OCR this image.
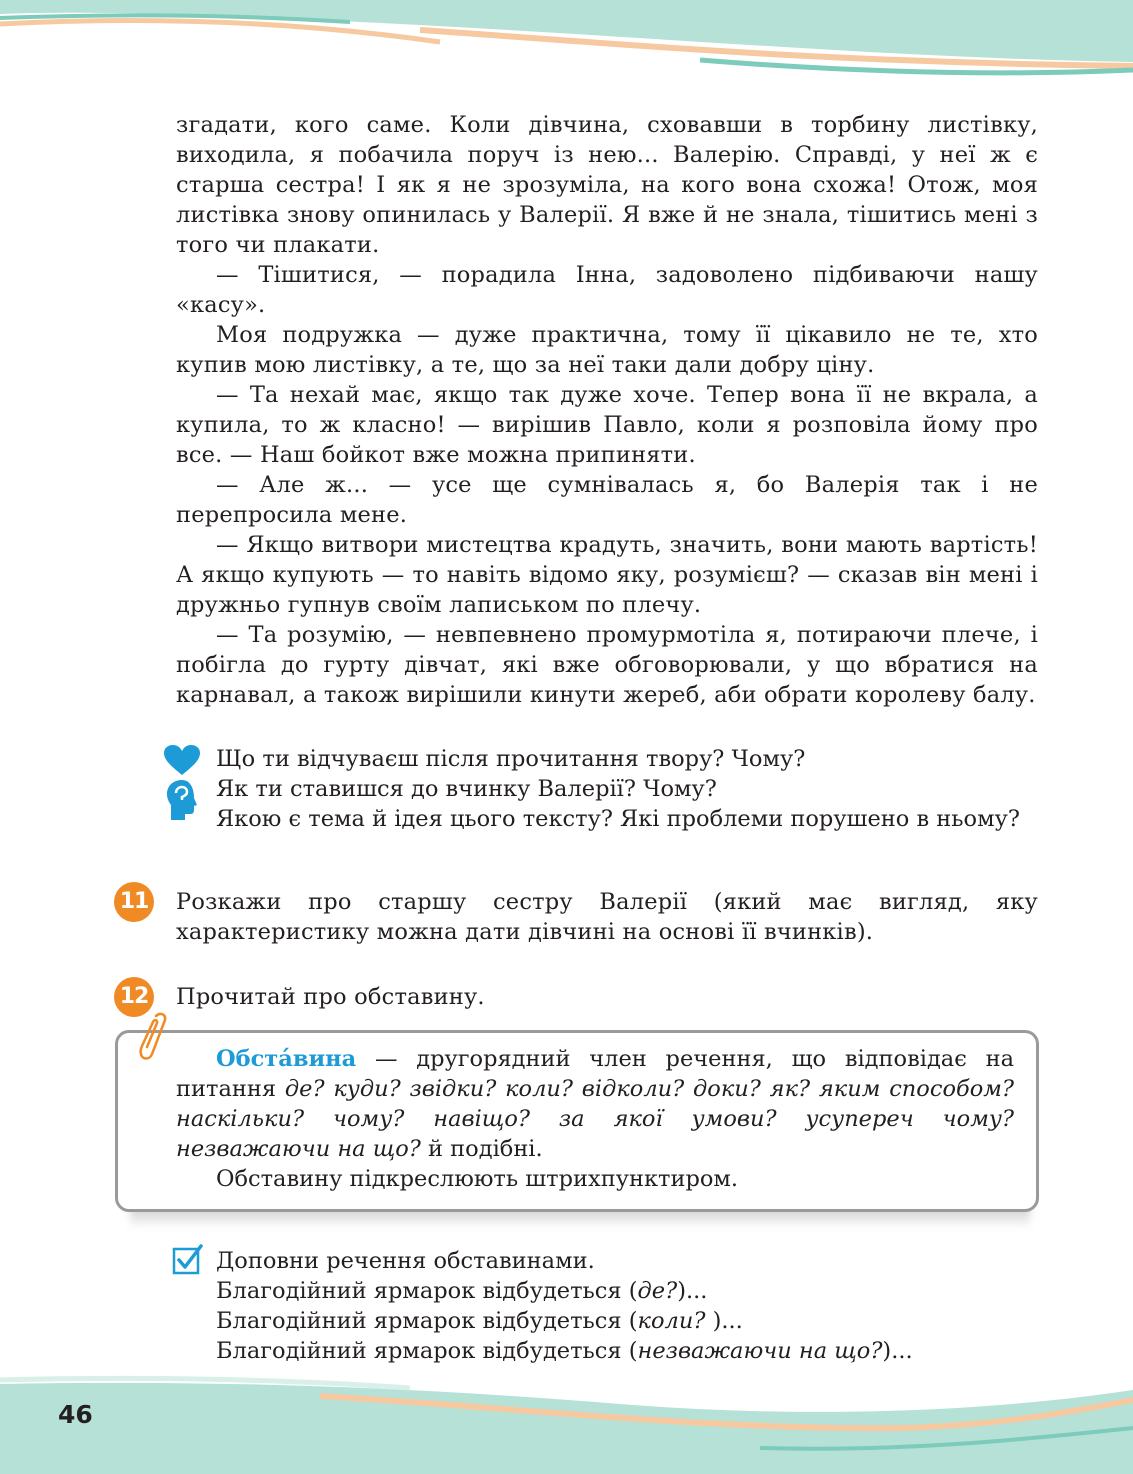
згадати, кого саме. Коли дівчина, сховавши в торбину листівку, виходила, я побачила поруч із нею... Валерію. Справді, у неї ж є старша сестра! І як я не зрозуміла, на кого вона схожа! Отож, моя листівка знову опинилась у Валерії. Я вже й не знала, тішитись мені з того чи плакати.

— Тішитися, — порадила Інна, задоволено підбиваючи нашу «касу».

Моя подружка — дуже практична, тому її цікавило не те, хто купив мою листівку, а те, що за неї таки дали добру ціну.

— Та нехай має, якщо так дуже хоче. Тепер вона її не вкрала, а купила, то ж класно! — вирішив Павло, коли я розповіла йому про все. — Наш бойкот вже можна припиняти.

— Але ж... — усе ще сумнівалась я, бо Валерія так і не перепросила мене.

— Якщо витвори мистецтва крадуть, значить, вони мають вартість! А якщо купують — то навіть відомо яку, розумієш? — сказав він мені і дружньо гупнув своїм лаписьком по плечу.

— Та розумію, — невпевнено промурмотіла я, потираючи плече, і побігла до гурту дівчат, які вже обговорювали, у що вбратися на карнавал, а також вирішили кинути жереб, аби обрати королеву балу.

Що ти відчуваєш після прочитання твору? Чому?

Як ти ставишся до вчинку Валерії? Чому?

Якою є тема й ідея цього тексту? Які проблеми порушено в ньому?

11 Розкажи про старшу сестру Валерії (який має вигляд, яку характеристику можна дати дівчині на основі її вчинків).

12 Прочитай про обставину.

Обста́вина — другорядний член речення, що відповідає на питання де? куди? звідки? коли? відколи? доки? як? яким способом? наскільки? чому? навіщо? за якої умови? усупереч чому? незважаючи на що? й подібні.

Обставину підкреслюють штрихпунктиром.

Доповни речення обставинами.

Благодійний ярмарок відбудеться (де?)...

Благодійний ярмарок відбудеться (коли? )...

Благодійний ярмарок відбудеться (незважаючи на що?)...

46
